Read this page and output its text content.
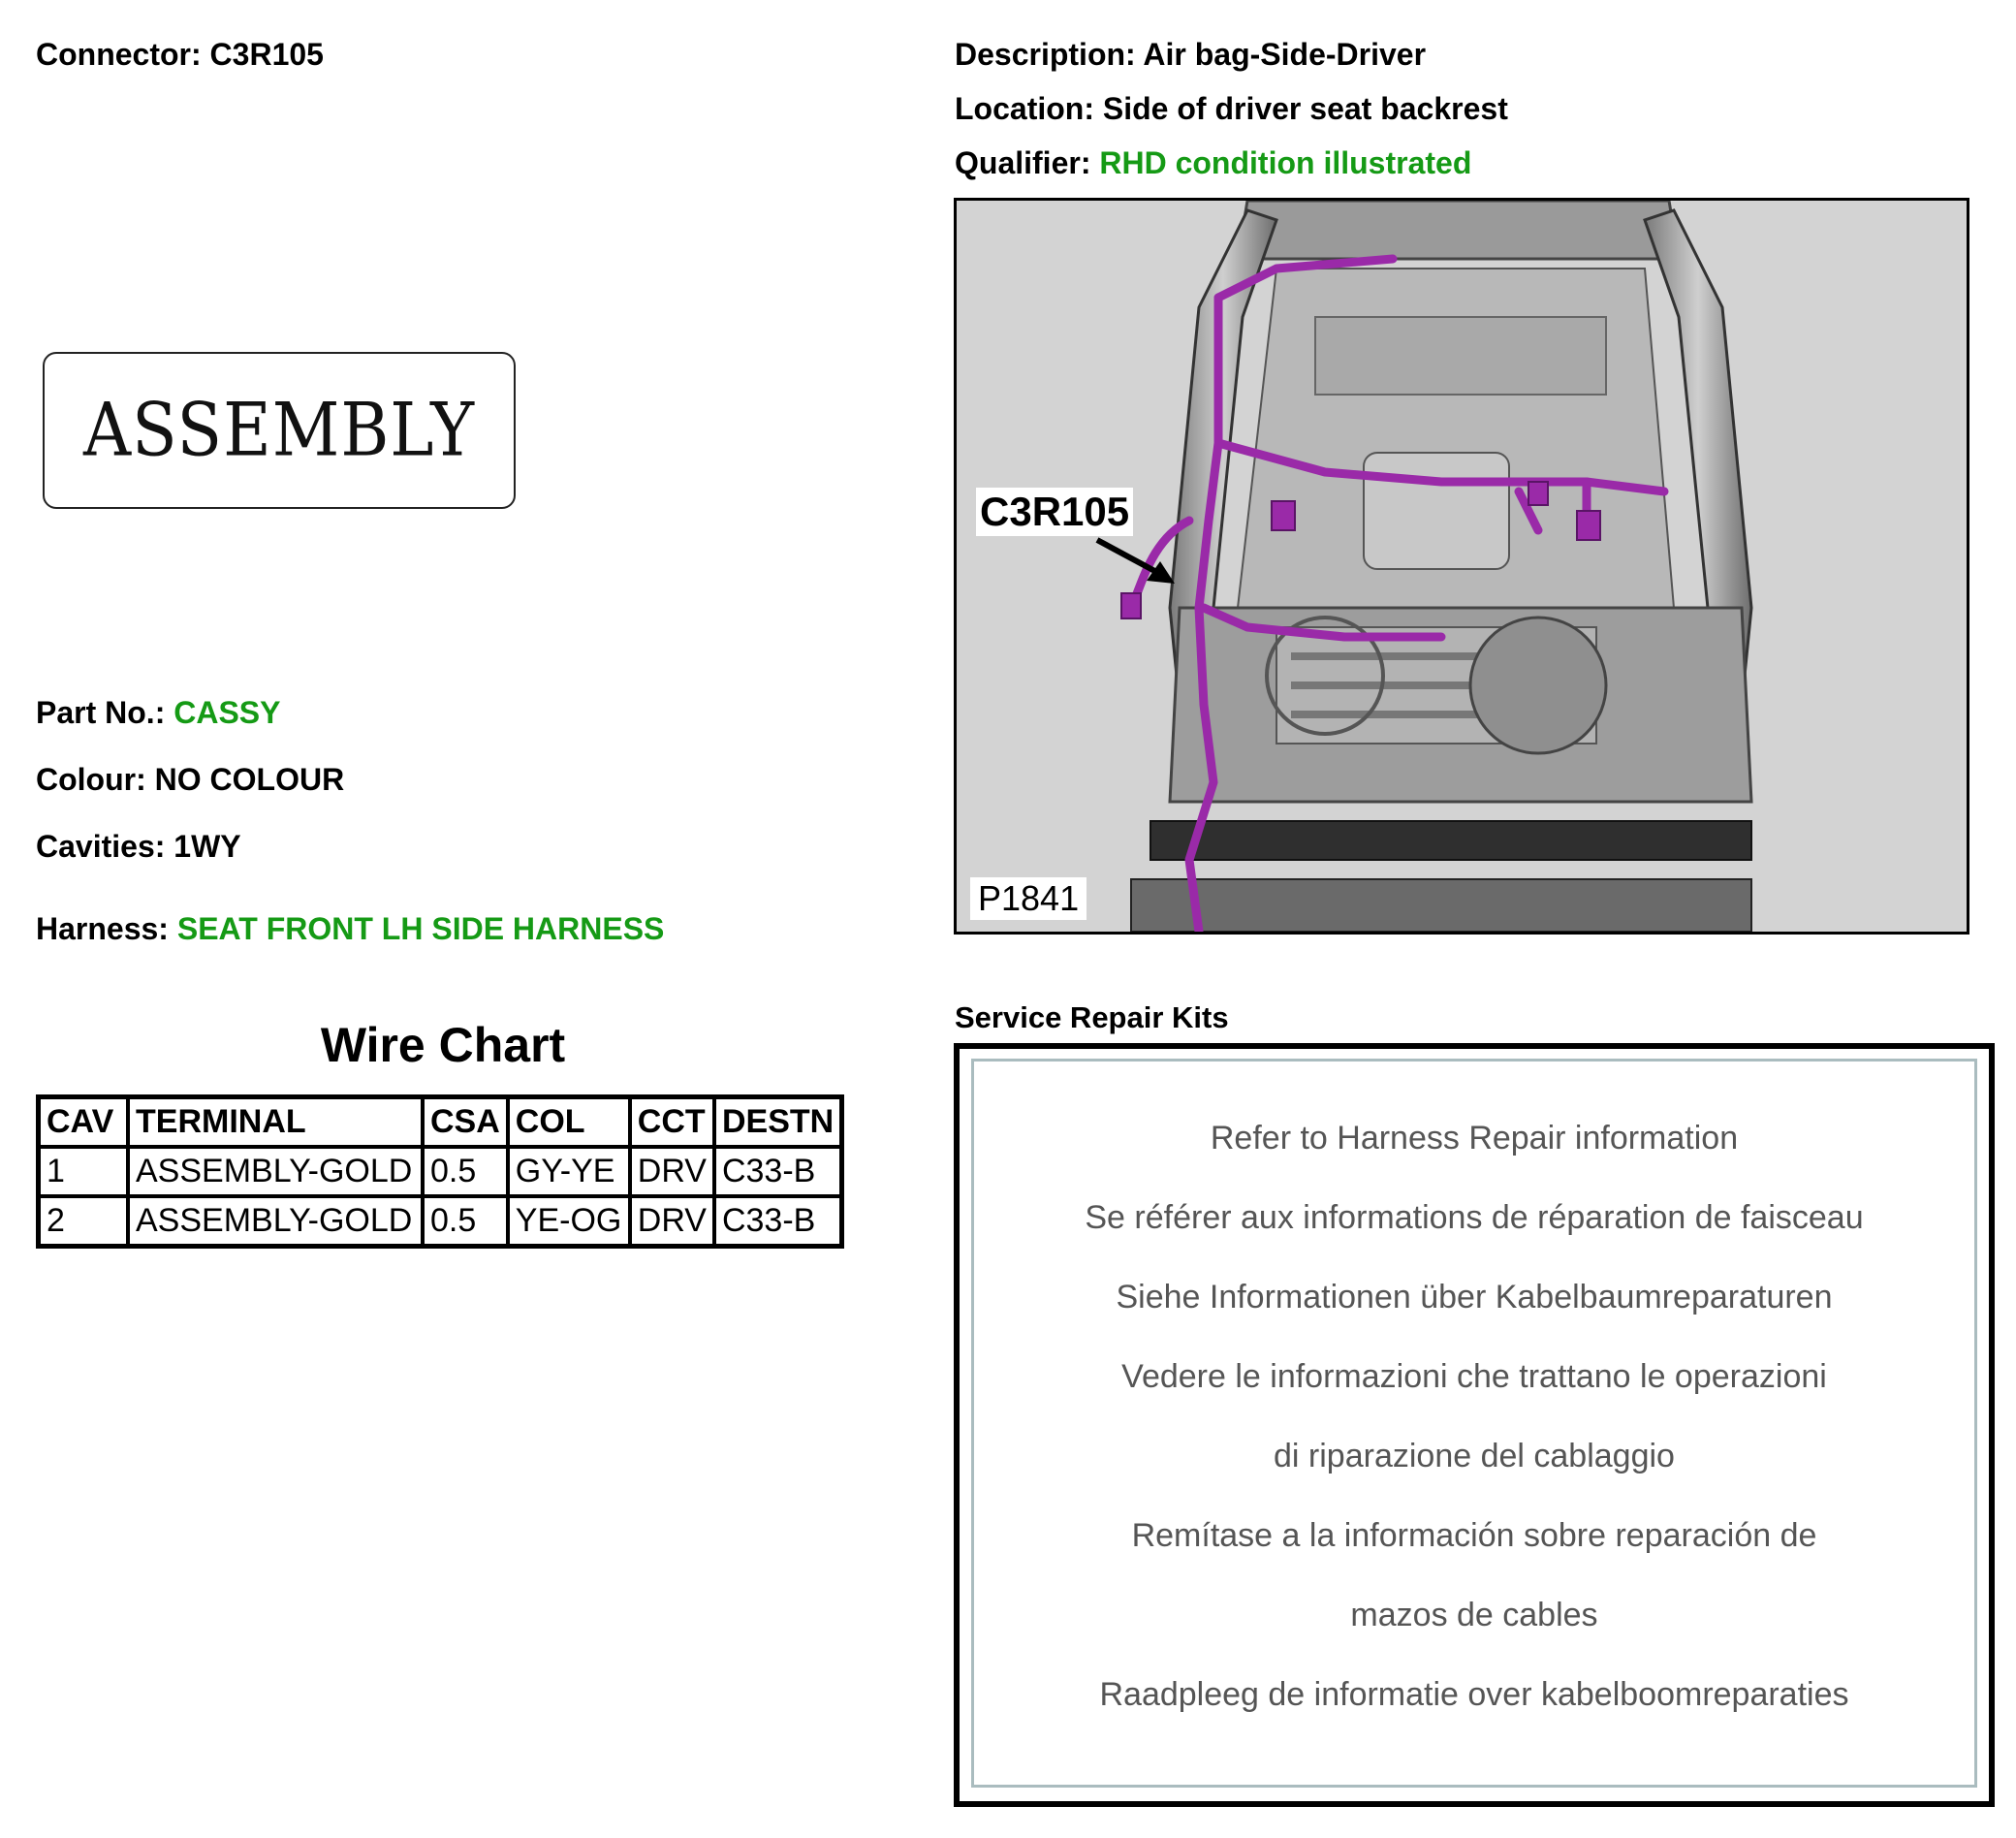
Connector: C3R105
ASSEMBLY
Part No.: CASSY
Colour: NO COLOUR
Cavities: 1WY
Harness: SEAT FRONT LH SIDE HARNESS
Wire Chart
CAV	TERMINAL	CSA	COL	CCT	DESTN
1	ASSEMBLY-GOLD	0.5	GY-YE	DRV	C33-B
2	ASSEMBLY-GOLD	0.5	YE-OG	DRV	C33-B
Description: Air bag-Side-Driver
Location: Side of driver seat backrest
Qualifier: RHD condition illustrated
C3R105
P1841
Service Repair Kits
Refer to Harness Repair information
Se référer aux informations de réparation de faisceau
Siehe Informationen über Kabelbaumreparaturen
Vedere le informazioni che trattano le operazioni
di riparazione del cablaggio
Remítase a la información sobre reparación de
mazos de cables
Raadpleeg de informatie over kabelboomreparaties
